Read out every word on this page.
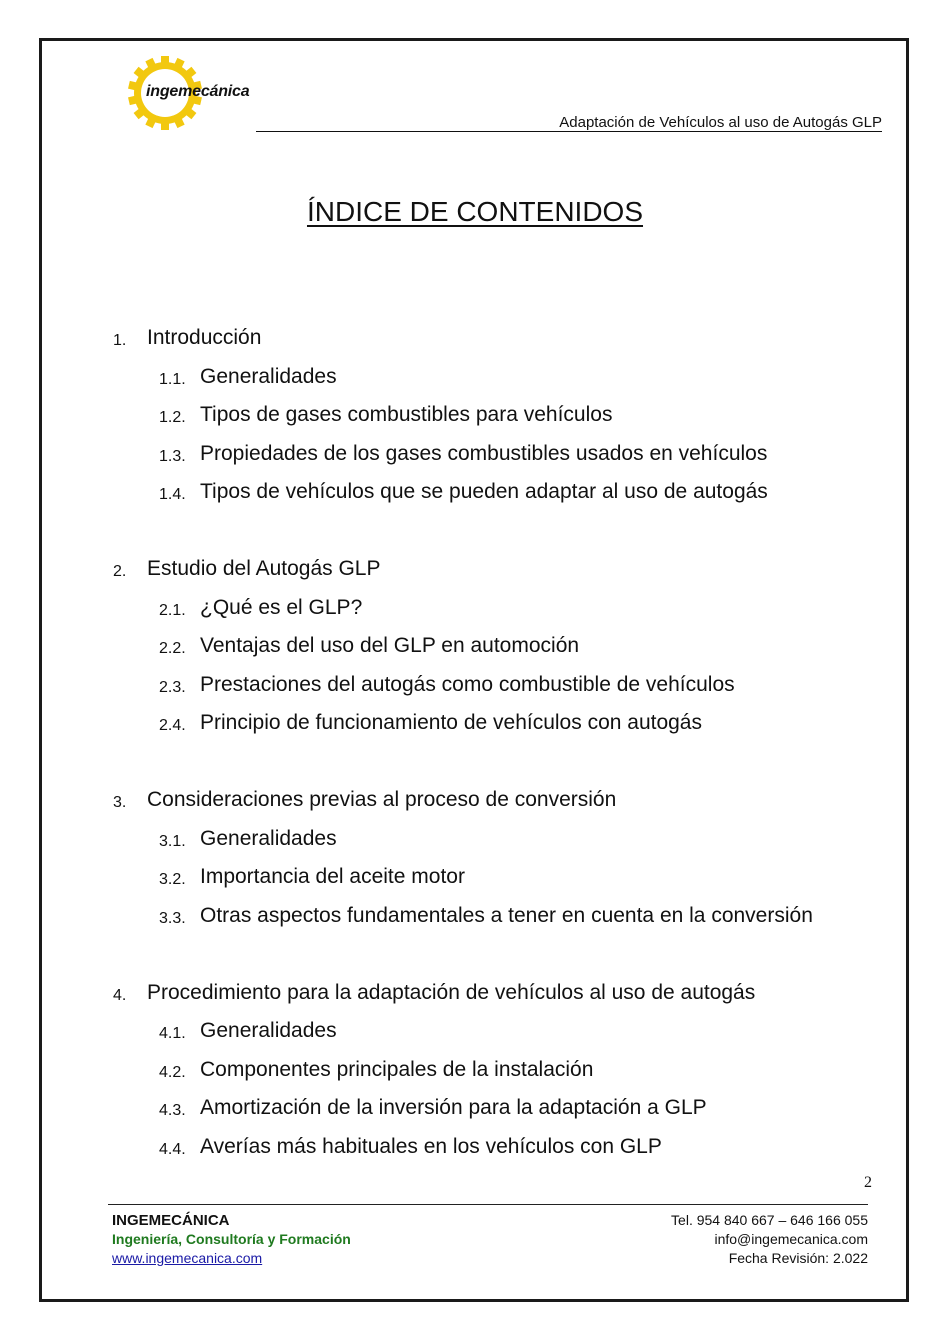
ingemecánica
Adaptación de Vehículos al uso de Autogás GLP
ÍNDICE DE CONTENIDOS
1. Introducción
1.1. Generalidades
1.2. Tipos de gases combustibles para vehículos
1.3. Propiedades de los gases combustibles usados en vehículos
1.4. Tipos de vehículos que se pueden adaptar al uso de autogás
2. Estudio del Autogás GLP
2.1. ¿Qué es el GLP?
2.2. Ventajas del uso del GLP en automoción
2.3. Prestaciones del autogás como combustible de vehículos
2.4. Principio de funcionamiento de vehículos con autogás
3. Consideraciones previas al proceso de conversión
3.1. Generalidades
3.2. Importancia del aceite motor
3.3. Otras aspectos fundamentales a tener en cuenta en la conversión
4. Procedimiento para la adaptación de vehículos al uso de autogás
4.1. Generalidades
4.2. Componentes principales de la instalación
4.3. Amortización de la inversión para la adaptación a GLP
4.4. Averías más habituales en los vehículos con GLP
2
INGEMECÁNICA
Ingeniería, Consultoría y Formación
www.ingemecanica.com
Tel. 954 840 667 – 646 166 055
info@ingemecanica.com
Fecha Revisión: 2.022
